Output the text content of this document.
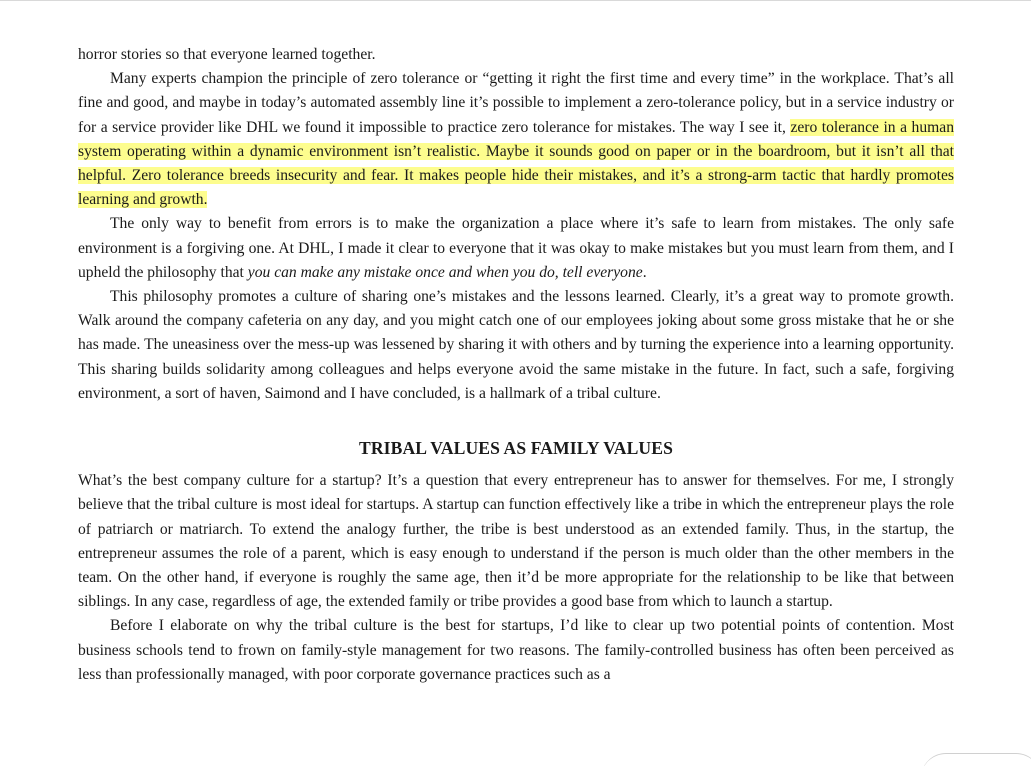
horror stories so that everyone learned together.

Many experts champion the principle of zero tolerance or “getting it right the first time and every time” in the workplace. That’s all fine and good, and maybe in today’s automated assembly line it’s possible to implement a zero-tolerance policy, but in a service industry or for a service provider like DHL we found it impossible to practice zero tolerance for mistakes. The way I see it, zero tolerance in a human system operating within a dynamic environment isn’t realistic. Maybe it sounds good on paper or in the boardroom, but it isn’t all that helpful. Zero tolerance breeds insecurity and fear. It makes people hide their mistakes, and it’s a strong-arm tactic that hardly promotes learning and growth.

The only way to benefit from errors is to make the organization a place where it’s safe to learn from mistakes. The only safe environment is a forgiving one. At DHL, I made it clear to everyone that it was okay to make mistakes but you must learn from them, and I upheld the philosophy that you can make any mistake once and when you do, tell everyone.

This philosophy promotes a culture of sharing one’s mistakes and the lessons learned. Clearly, it’s a great way to promote growth. Walk around the company cafeteria on any day, and you might catch one of our employees joking about some gross mistake that he or she has made. The uneasiness over the mess-up was lessened by sharing it with others and by turning the experience into a learning opportunity. This sharing builds solidarity among colleagues and helps everyone avoid the same mistake in the future. In fact, such a safe, forgiving environment, a sort of haven, Saimond and I have concluded, is a hallmark of a tribal culture.

TRIBAL VALUES AS FAMILY VALUES

What’s the best company culture for a startup? It’s a question that every entrepreneur has to answer for themselves. For me, I strongly believe that the tribal culture is most ideal for startups. A startup can function effectively like a tribe in which the entrepreneur plays the role of patriarch or matriarch. To extend the analogy further, the tribe is best understood as an extended family. Thus, in the startup, the entrepreneur assumes the role of a parent, which is easy enough to understand if the person is much older than the other members in the team. On the other hand, if everyone is roughly the same age, then it’d be more appropriate for the relationship to be like that between siblings. In any case, regardless of age, the extended family or tribe provides a good base from which to launch a startup.

Before I elaborate on why the tribal culture is the best for startups, I’d like to clear up two potential points of contention. Most business schools tend to frown on family-style management for two reasons. The family-controlled business has often been perceived as less than professionally managed, with poor corporate governance practices such as a
